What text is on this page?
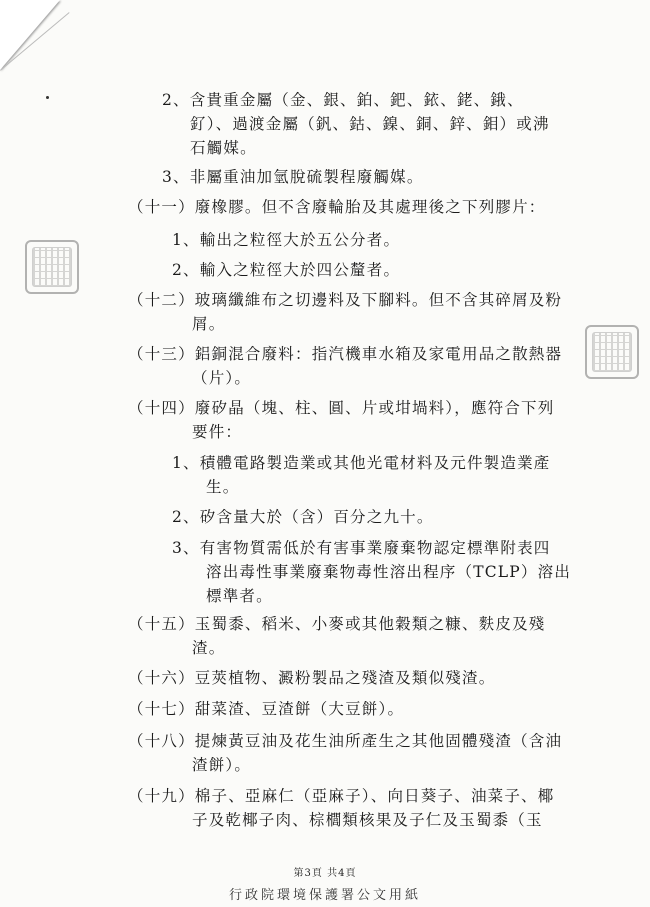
2、含貴重金屬（金、銀、鉑、鈀、銥、銠、鋨、
釕）、過渡金屬（釩、鈷、鎳、銅、鋅、鉬）或沸
石觸媒。
3、非屬重油加氫脫硫製程廢觸媒。
（十一）廢橡膠。但不含廢輪胎及其處理後之下列膠片：
1、輸出之粒徑大於五公分者。
2、輸入之粒徑大於四公釐者。
（十二）玻璃纖維布之切邊料及下腳料。但不含其碎屑及粉
屑。
（十三）鋁銅混合廢料：指汽機車水箱及家電用品之散熱器
（片）。
（十四）廢矽晶（塊、柱、圓、片或坩堝料），應符合下列
要件：
1、積體電路製造業或其他光電材料及元件製造業產
生。
2、矽含量大於（含）百分之九十。
3、有害物質需低於有害事業廢棄物認定標準附表四
溶出毒性事業廢棄物毒性溶出程序（TCLP）溶出
標準者。
（十五）玉蜀黍、稻米、小麥或其他穀類之糠、麩皮及殘
渣。
（十六）豆莢植物、澱粉製品之殘渣及類似殘渣。
（十七）甜菜渣、豆渣餅（大豆餅）。
（十八）提煉黃豆油及花生油所產生之其他固體殘渣（含油
渣餅）。
（十九）棉子、亞麻仁（亞麻子）、向日葵子、油菜子、椰
子及乾椰子肉、棕櫚類核果及子仁及玉蜀黍（玉
第3頁 共4頁
行政院環境保護署公文用紙
